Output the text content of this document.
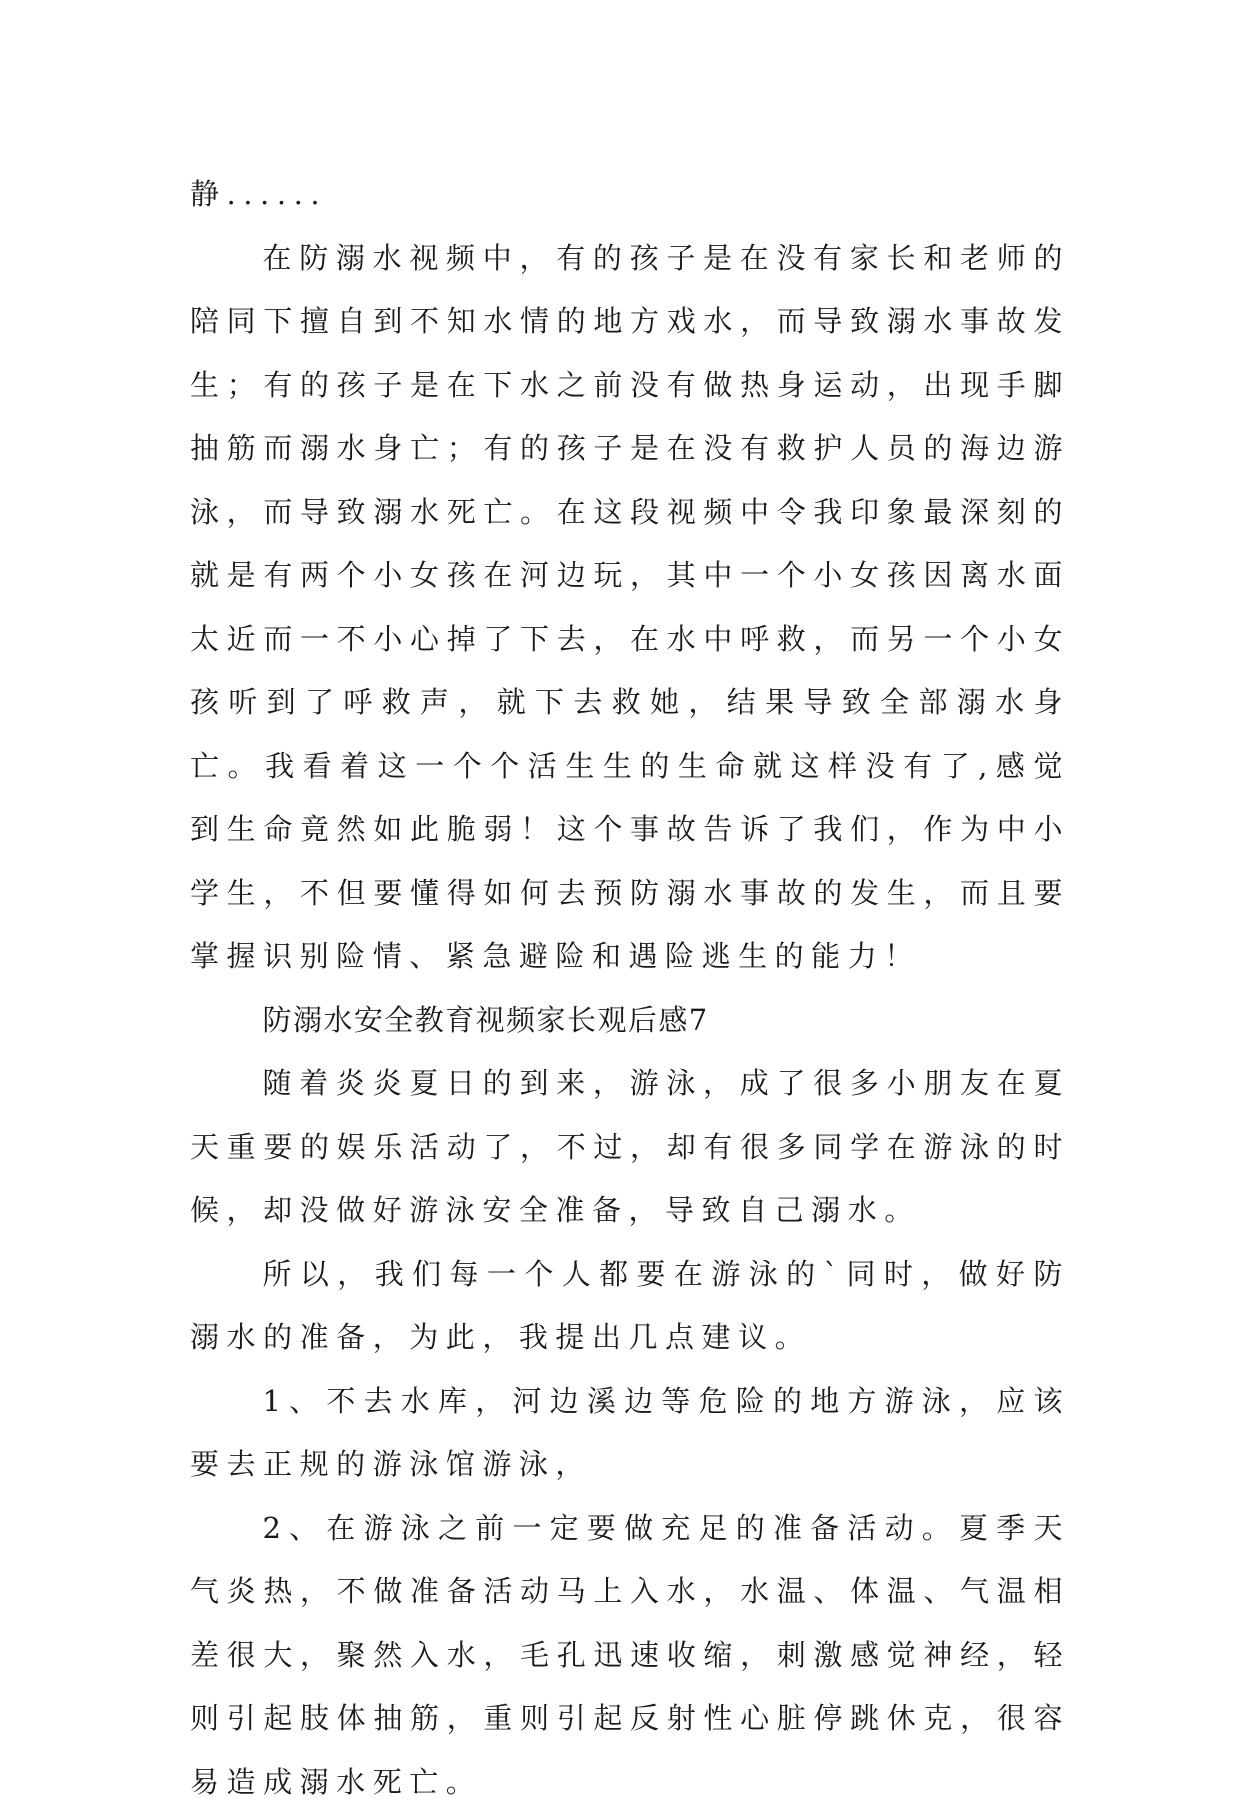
静......

在防溺水视频中，有的孩子是在没有家长和老师的陪同下擅自到不知水情的地方戏水，而导致溺水事故发生；有的孩子是在下水之前没有做热身运动，出现手脚抽筋而溺水身亡；有的孩子是在没有救护人员的海边游泳，而导致溺水死亡。在这段视频中令我印象最深刻的就是有两个小女孩在河边玩，其中一个小女孩因离水面太近而一不小心掉了下去，在水中呼救，而另一个小女孩听到了呼救声，就下去救她，结果导致全部溺水身亡。我看着这一个个活生生的生命就这样没有了,感觉到生命竟然如此脆弱！这个事故告诉了我们，作为中小学生，不但要懂得如何去预防溺水事故的发生，而且要掌握识别险情、紧急避险和遇险逃生的能力！

防溺水安全教育视频家长观后感7

随着炎炎夏日的到来，游泳，成了很多小朋友在夏天重要的娱乐活动了，不过，却有很多同学在游泳的时候，却没做好游泳安全准备，导致自己溺水。

所以，我们每一个人都要在游泳的`同时，做好防溺水的准备，为此，我提出几点建议。

1、不去水库，河边溪边等危险的地方游泳，应该要去正规的游泳馆游泳，

2、在游泳之前一定要做充足的准备活动。夏季天气炎热，不做准备活动马上入水，水温、体温、气温相差很大，聚然入水，毛孔迅速收缩，刺激感觉神经，轻则引起肢体抽筋，重则引起反射性心脏停跳休克，很容易造成溺水死亡。
